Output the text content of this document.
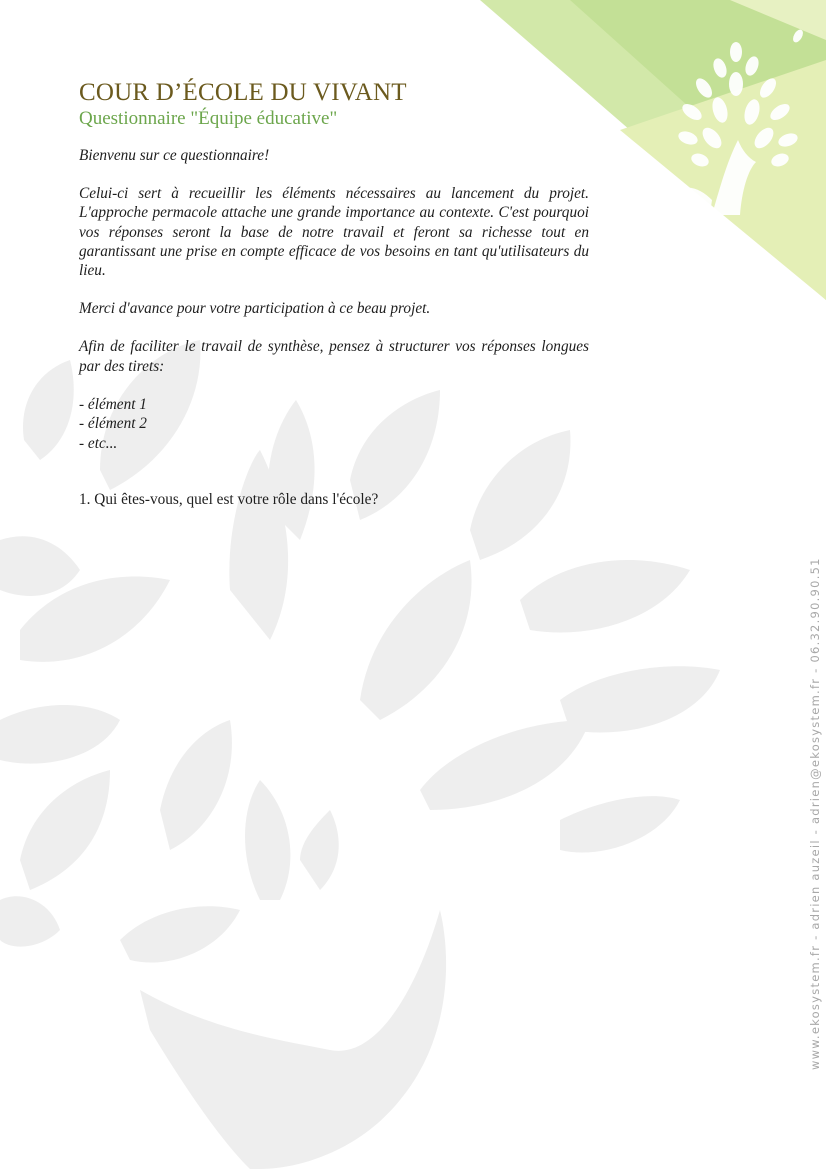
COUR D’ÉCOLE DU VIVANT
Questionnaire "Équipe éducative"

Bienvenu sur ce questionnaire!

Celui-ci sert à recueillir les éléments nécessaires au lancement du projet. L'approche permacole attache une grande importance au contexte. C'est pourquoi vos réponses seront la base de notre travail et feront sa richesse tout en garantissant une prise en compte efficace de vos besoins en tant qu'utilisateurs du lieu.

Merci d'avance pour votre participation à ce beau projet.

Afin de faciliter le travail de synthèse, pensez à structurer vos réponses longues par des tirets:

- élément 1
- élément 2
- etc...
1. Qui êtes-vous, quel est votre rôle dans l'école?
www.ekosystem.fr - adrien auzeil - adrien@ekosystem.fr - 06.32.90.90.51
